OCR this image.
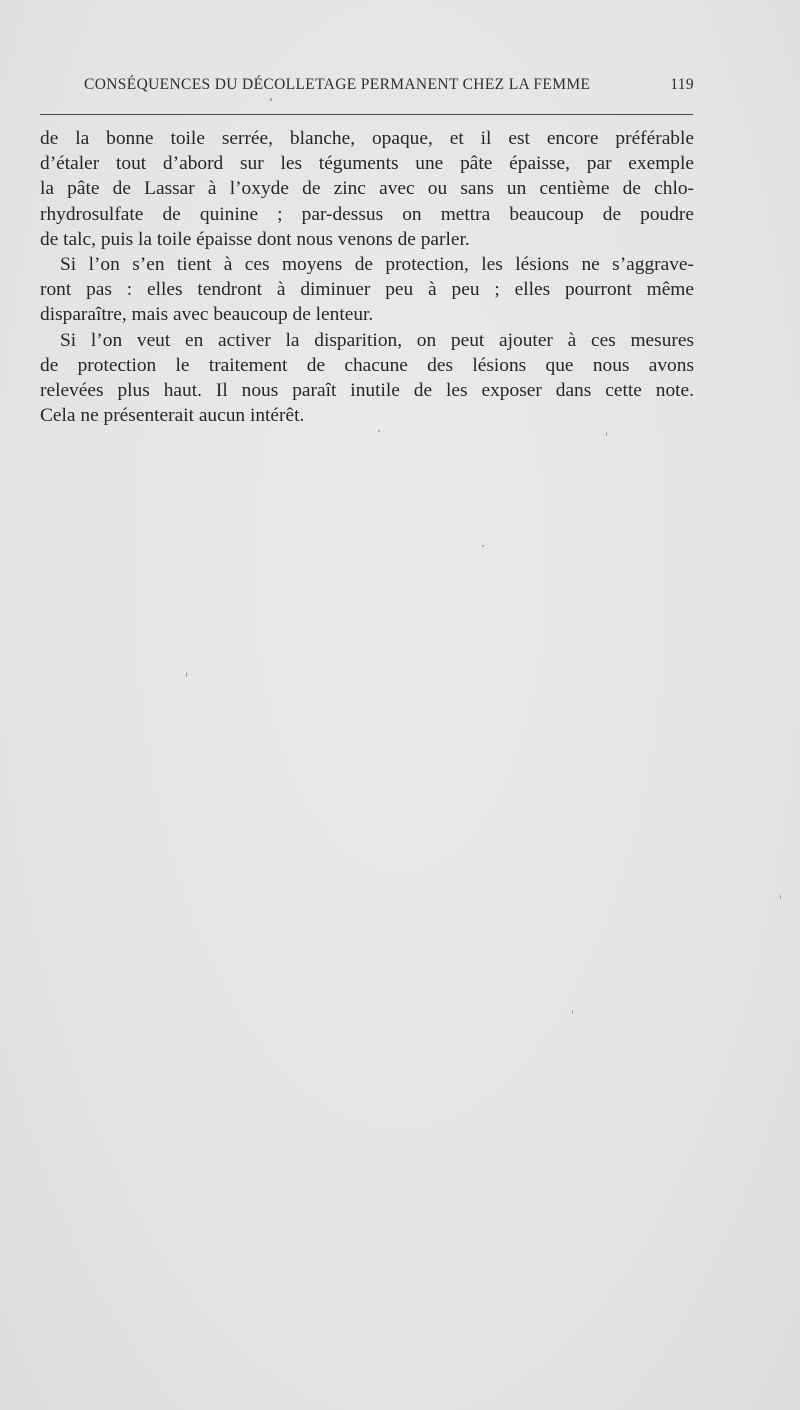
CONSÉQUENCES DU DÉCOLLETAGE PERMANENT CHEZ LA FEMME	119
de la bonne toile serrée, blanche, opaque, et il est encore préférable
d’étaler tout d’abord sur les téguments une pâte épaisse, par exemple
la pâte de Lassar à l’oxyde de zinc avec ou sans un centième de chlo-
rhydrosulfate de quinine ; par-dessus on mettra beaucoup de poudre
de talc, puis la toile épaisse dont nous venons de parler.
Si l’on s’en tient à ces moyens de protection, les lésions ne s’aggrave-
ront pas : elles tendront à diminuer peu à peu ; elles pourront même
disparaître, mais avec beaucoup de lenteur.
Si l’on veut en activer la disparition, on peut ajouter à ces mesures
de protection le traitement de chacune des lésions que nous avons
relevées plus haut. Il nous paraît inutile de les exposer dans cette note.
Cela ne présenterait aucun intérêt.
